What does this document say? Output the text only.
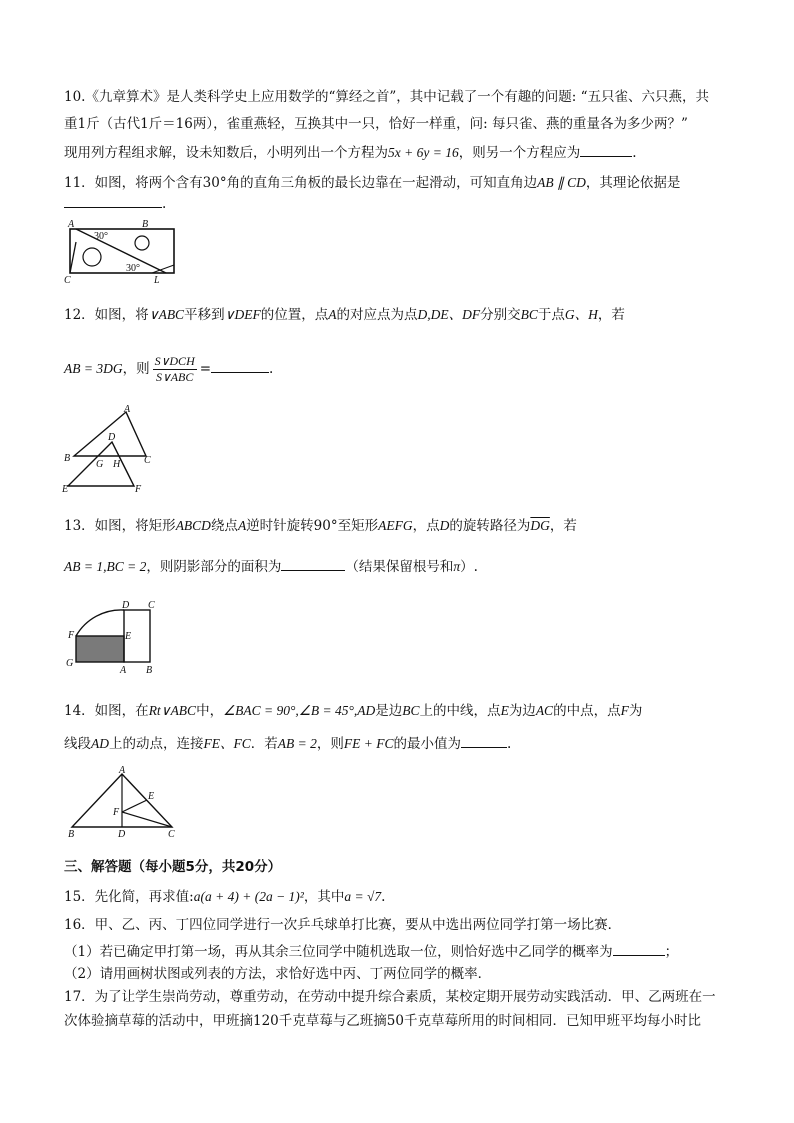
10.《九章算术》是人类科学史上应用数学的“算经之首”，其中记载了一个有趣的问题: “五只雀、六只燕，共
重1斤（古代1斤＝16两），雀重燕轻，互换其中一只，恰好一样重，问: 每只雀、燕的重量各为多少两？”
现用列方程组求解，设未知数后，小明列出一个方程为5x + 6y = 16，则另一个方程应为	.
11．如图，将两个含有30°角的直角三角板的最长边靠在一起滑动，可知直角边AB ∥ CD，其理论依据是
.
A	B
C	L
30°
30°
12．如图，将∨ABC平移到∨DEF的位置，点A的对应点为点D,DE、DF分别交BC于点G、H，若
AB = 3DG，则 $\frac{\text{S∨DCH}}{\text{S∨ABC}}$ =	.
A
D
B	C
G H
E	F
13．如图，将矩形ABCD绕点A逆时针旋转90°至矩形AEFG，点D的旋转路径为$\overline{DG}$，若
AB = 1,BC = 2，则阴影部分的面积为	（结果保留根号和π）.
D C
F	E
G
A B
14．如图，在Rt∨ABC中，∠BAC = 90°,∠B = 45°,AD是边BC上的中线，点E为边AC的中点，点F为
线段AD上的动点，连接FE、FC．若AB = 2，则FE + FC的最小值为	.
A
E
F
B	D	C
三、解答题（每小题5分，共20分）
15．先化简，再求值:a(a + 4) + (2a − 1)²，其中a = √7.
16．甲、乙、丙、丁四位同学进行一次乒乓球单打比赛，要从中选出两位同学打第一场比赛．
（1）若已确定甲打第一场，再从其余三位同学中随机选取一位，则恰好选中乙同学的概率为	；
（2）请用画树状图或列表的方法，求恰好选中丙、丁两位同学的概率．
17．为了让学生崇尚劳动，尊重劳动，在劳动中提升综合素质，某校定期开展劳动实践活动．甲、乙两班在一
次体验摘草莓的活动中，甲班摘120千克草莓与乙班摘50千克草莓所用的时间相同．已知甲班平均每小时比
